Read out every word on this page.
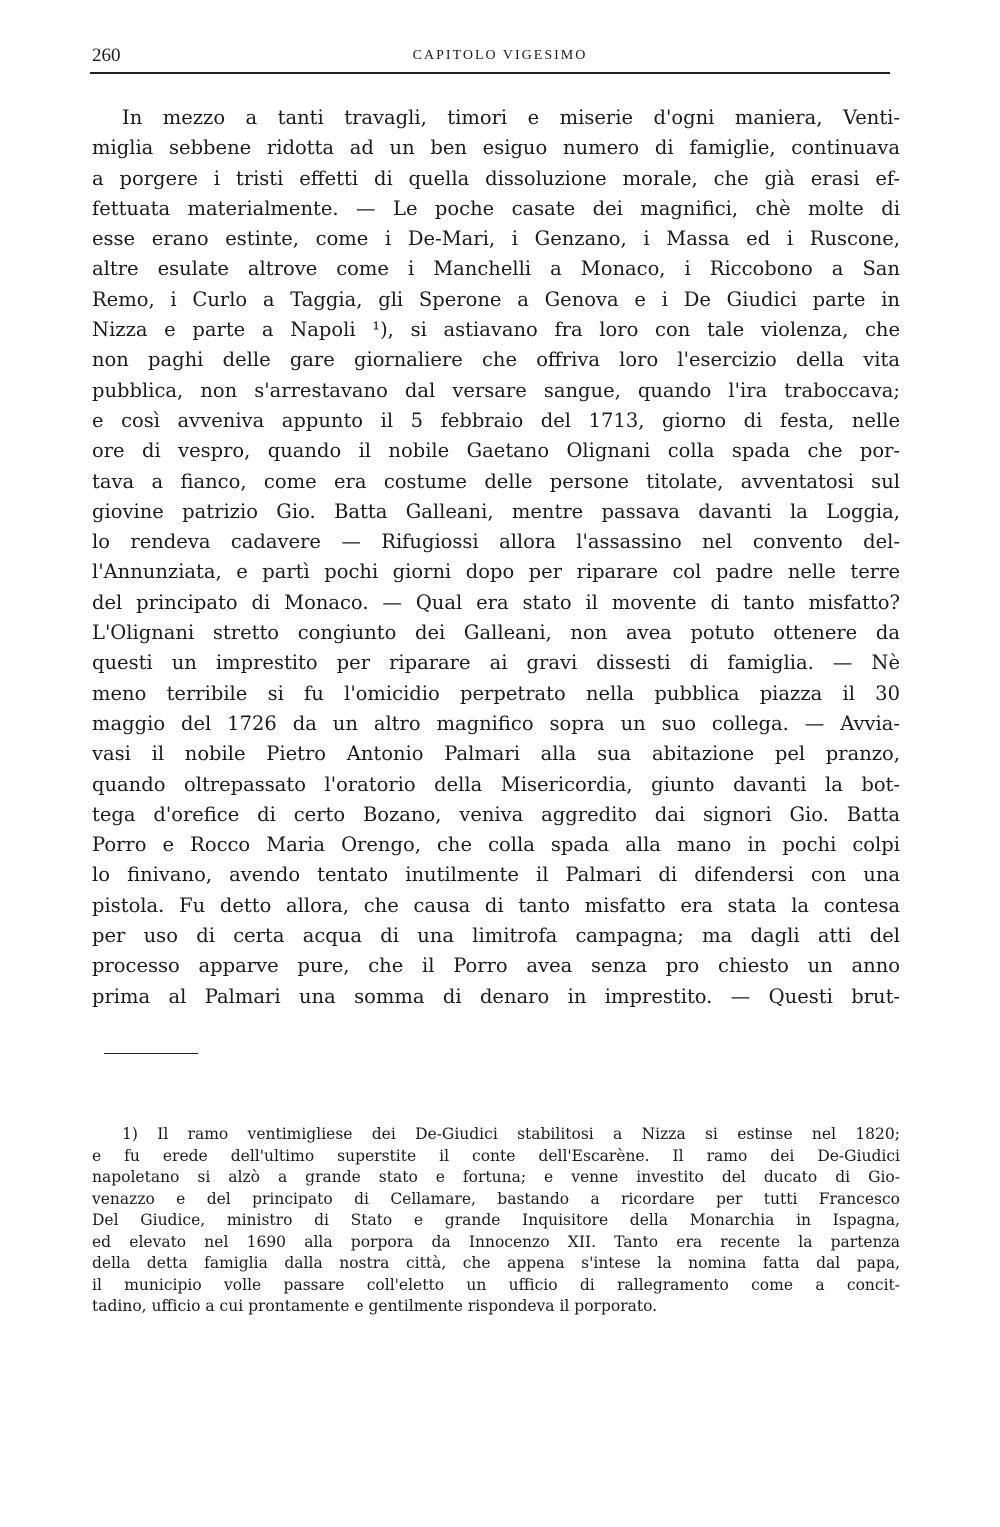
260	CAPITOLO VIGESIMO
In mezzo a tanti travagli, timori e miserie d'ogni maniera, Venti-
miglia sebbene ridotta ad un ben esiguo numero di famiglie, continuava
a porgere i tristi effetti di quella dissoluzione morale, che già erasi ef-
fettuata materialmente. — Le poche casate dei magnifici, chè molte di
esse erano estinte, come i De-Mari, i Genzano, i Massa ed i Ruscone,
altre esulate altrove come i Manchelli a Monaco, i Riccobono a San
Remo, i Curlo a Taggia, gli Sperone a Genova e i De Giudici parte in
Nizza e parte a Napoli ¹), si astiavano fra loro con tale violenza, che
non paghi delle gare giornaliere che offriva loro l'esercizio della vita
pubblica, non s'arrestavano dal versare sangue, quando l'ira traboccava;
e così avveniva appunto il 5 febbraio del 1713, giorno di festa, nelle
ore di vespro, quando il nobile Gaetano Olignani colla spada che por-
tava a fianco, come era costume delle persone titolate, avventatosi sul
giovine patrizio Gio. Batta Galleani, mentre passava davanti la Loggia,
lo rendeva cadavere — Rifugiossi allora l'assassino nel convento del-
l'Annunziata, e partì pochi giorni dopo per riparare col padre nelle terre
del principato di Monaco. — Qual era stato il movente di tanto misfatto?
L'Olignani stretto congiunto dei Galleani, non avea potuto ottenere da
questi un imprestito per riparare ai gravi dissesti di famiglia. — Nè
meno terribile si fu l'omicidio perpetrato nella pubblica piazza il 30
maggio del 1726 da un altro magnifico sopra un suo collega. — Avvia-
vasi il nobile Pietro Antonio Palmari alla sua abitazione pel pranzo,
quando oltrepassato l'oratorio della Misericordia, giunto davanti la bot-
tega d'orefice di certo Bozano, veniva aggredito dai signori Gio. Batta
Porro e Rocco Maria Orengo, che colla spada alla mano in pochi colpi
lo finivano, avendo tentato inutilmente il Palmari di difendersi con una
pistola. Fu detto allora, che causa di tanto misfatto era stata la contesa
per uso di certa acqua di una limitrofa campagna; ma dagli atti del
processo apparve pure, che il Porro avea senza pro chiesto un anno
prima al Palmari una somma di denaro in imprestito. — Questi brut-
1) Il ramo ventimigliese dei De-Giudici stabilitosi a Nizza si estinse nel 1820;
e fu erede dell'ultimo superstite il conte dell'Escarène. Il ramo dei De-Giudici
napoletano si alzò a grande stato e fortuna; e venne investito del ducato di Gio-
venazzo e del principato di Cellamare, bastando a ricordare per tutti Francesco
Del Giudice, ministro di Stato e grande Inquisitore della Monarchia in Ispagna,
ed elevato nel 1690 alla porpora da Innocenzo XII. Tanto era recente la partenza
della detta famiglia dalla nostra città, che appena s'intese la nomina fatta dal papa,
il municipio volle passare coll'eletto un ufficio di rallegramento come a concit-
tadino, ufficio a cui prontamente e gentilmente rispondeva il porporato.
